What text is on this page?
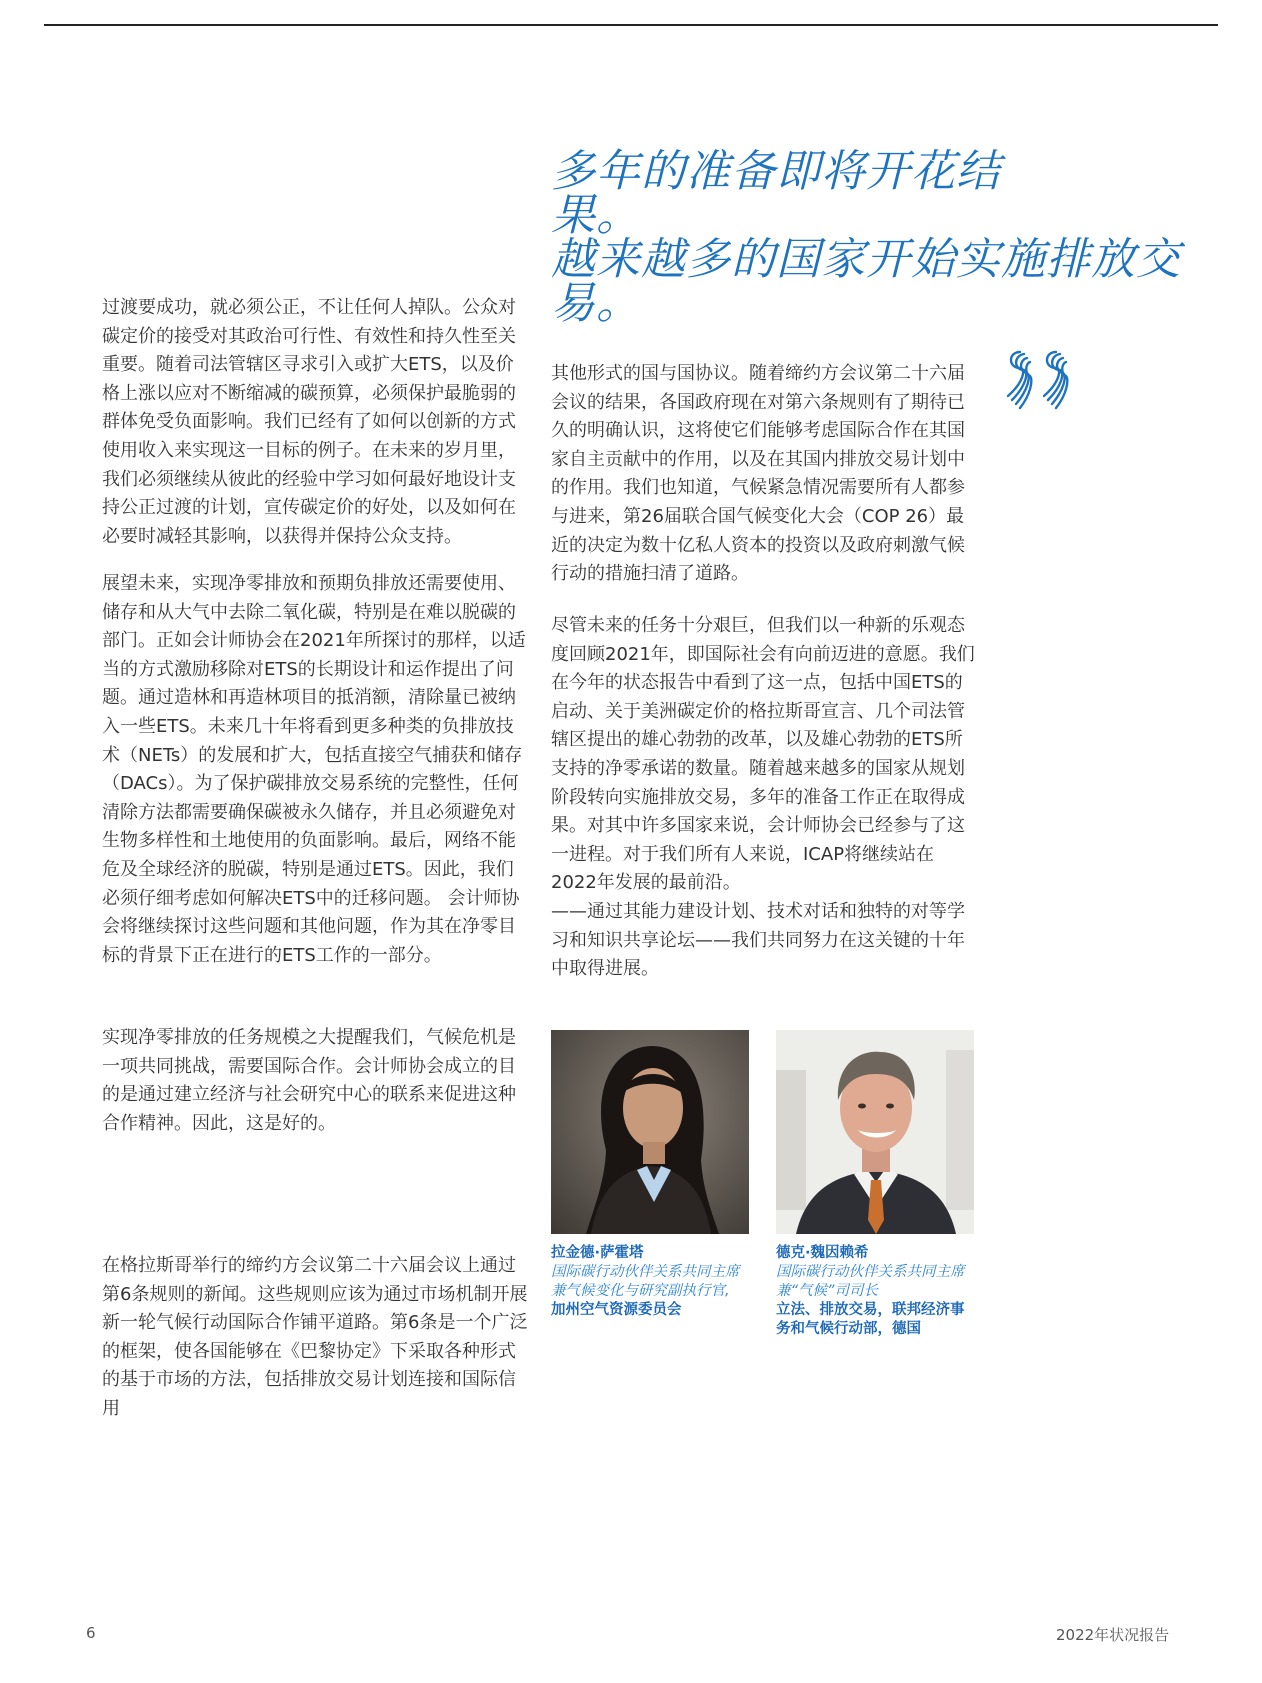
多年的准备即将开花结
果。
越来越多的国家开始实施排放交
易。

过渡要成功，就必须公正，不让任何人掉队。公众对碳定价的接受对其政治可行性、有效性和持久性至关重要。随着司法管辖区寻求引入或扩大ETS，以及价格上涨以应对不断缩减的碳预算，必须保护最脆弱的群体免受负面影响。我们已经有了如何以创新的方式使用收入来实现这一目标的例子。在未来的岁月里，我们必须继续从彼此的经验中学习如何最好地设计支持公正过渡的计划，宣传碳定价的好处，以及如何在必要时减轻其影响，以获得并保持公众支持。

展望未来，实现净零排放和预期负排放还需要使用、储存和从大气中去除二氧化碳，特别是在难以脱碳的部门。正如会计师协会在2021年所探讨的那样，以适当的方式激励移除对ETS的长期设计和运作提出了问题。通过造林和再造林项目的抵消额，清除量已被纳入一些ETS。未来几十年将看到更多种类的负排放技术（NETs）的发展和扩大，包括直接空气捕获和储存（DACs）。为了保护碳排放交易系统的完整性，任何清除方法都需要确保碳被永久储存，并且必须避免对生物多样性和土地使用的负面影响。最后，网络不能危及全球经济的脱碳，特别是通过ETS。因此，我们必须仔细考虑如何解决ETS中的迁移问题。 会计师协会将继续探讨这些问题和其他问题，作为其在净零目标的背景下正在进行的ETS工作的一部分。

实现净零排放的任务规模之大提醒我们，气候危机是一项共同挑战，需要国际合作。会计师协会成立的目的是通过建立经济与社会研究中心的联系来促进这种合作精神。因此，这是好的。

在格拉斯哥举行的缔约方会议第二十六届会议上通过第6条规则的新闻。这些规则应该为通过市场机制开展新一轮气候行动国际合作铺平道路。第6条是一个广泛的框架，使各国能够在《巴黎协定》下采取各种形式的基于市场的方法，包括排放交易计划连接和国际信用

其他形式的国与国协议。随着缔约方会议第二十六届会议的结果，各国政府现在对第六条规则有了期待已久的明确认识，这将使它们能够考虑国际合作在其国家自主贡献中的作用，以及在其国内排放交易计划中的作用。我们也知道，气候紧急情况需要所有人都参与进来，第26届联合国气候变化大会（COP 26）最近的决定为数十亿私人资本的投资以及政府刺激气候行动的措施扫清了道路。

尽管未来的任务十分艰巨，但我们以一种新的乐观态度回顾2021年，即国际社会有向前迈进的意愿。我们在今年的状态报告中看到了这一点，包括中国ETS的启动、关于美洲碳定价的格拉斯哥宣言、几个司法管辖区提出的雄心勃勃的改革，以及雄心勃勃的ETS所支持的净零承诺的数量。随着越来越多的国家从规划阶段转向实施排放交易，多年的准备工作正在取得成果。对其中许多国家来说，会计师协会已经参与了这一进程。对于我们所有人来说，ICAP将继续站在2022年发展的最前沿。
——通过其能力建设计划、技术对话和独特的对等学习和知识共享论坛——我们共同努力在这关键的十年中取得进展。

拉金德·萨霍塔
国际碳行动伙伴关系共同主席兼气候变化与研究副执行官,
加州空气资源委员会
德克·魏因赖希
国际碳行动伙伴关系共同主席兼“气候”司司长
立法、排放交易，联邦经济事务和气候行动部，德国
6	2022年状况报告
